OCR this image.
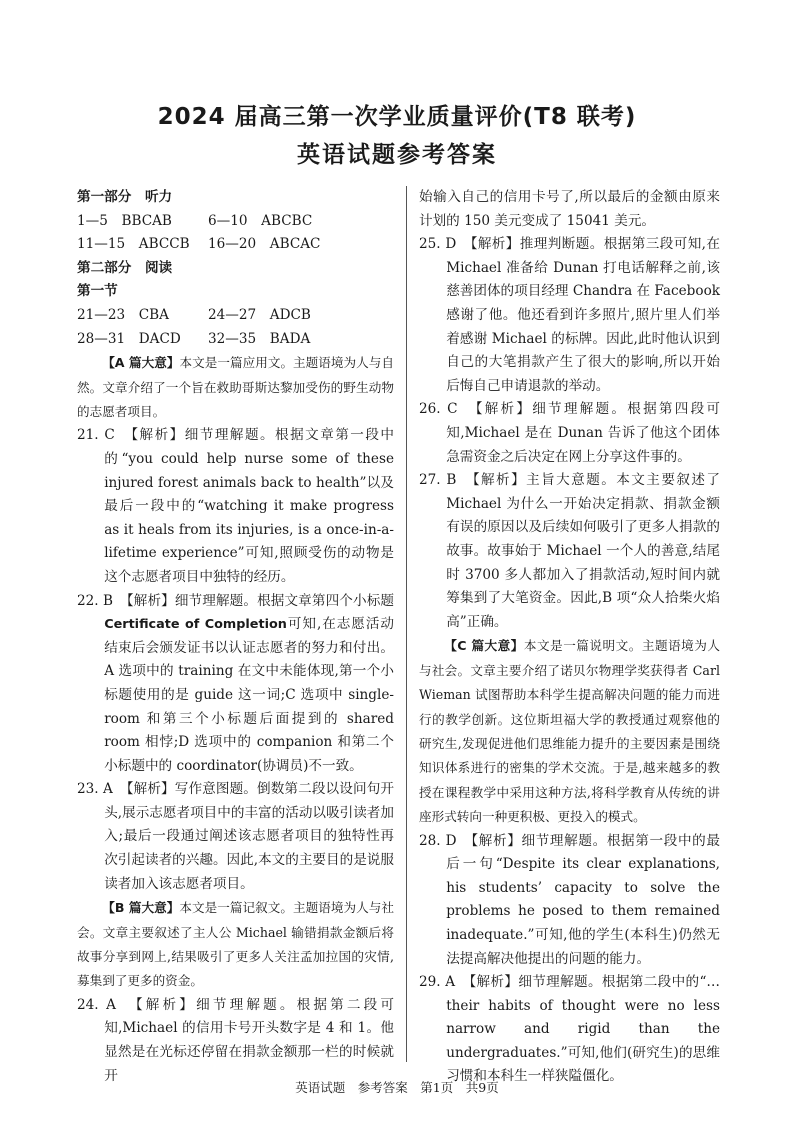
2024 届高三第一次学业质量评价(T8 联考)
英语试题参考答案

第一部分　听力

1—5　BBCAB	6—10　ABCBC
11—15　ABCCB	16—20　ABCAC

第二部分　阅读

第一节

21—23　CBA	24—27　ADCB
28—31　DACD	32—35　BADA

【A 篇大意】本文是一篇应用文。主题语境为人与自然。文章介绍了一个旨在救助哥斯达黎加受伤的野生动物的志愿者项目。

21. C　【解析】细节理解题。根据文章第一段中的“you could help nurse some of these injured forest animals back to health”以及最后一段中的“watching it make progress as it heals from its injuries, is a once-in-a-lifetime experience”可知,照顾受伤的动物是这个志愿者项目中独特的经历。

22. B　【解析】细节理解题。根据文章第四个小标题Certificate of Completion可知,在志愿活动结束后会颁发证书以认证志愿者的努力和付出。A 选项中的 training 在文中未能体现,第一个小标题使用的是 guide 这一词;C 选项中 single-room 和第三个小标题后面提到的 shared room 相悖;D 选项中的 companion 和第二个小标题中的 coordinator(协调员)不一致。

23. A　【解析】写作意图题。倒数第二段以设问句开头,展示志愿者项目中的丰富的活动以吸引读者加入;最后一段通过阐述该志愿者项目的独特性再次引起读者的兴趣。因此,本文的主要目的是说服读者加入该志愿者项目。

【B 篇大意】本文是一篇记叙文。主题语境为人与社会。文章主要叙述了主人公 Michael 输错捐款金额后将故事分享到网上,结果吸引了更多人关注孟加拉国的灾情,募集到了更多的资金。

24. A　【解析】细节理解题。根据第二段可知,Michael 的信用卡号开头数字是 4 和 1。他显然是在光标还停留在捐款金额那一栏的时候就开

始输入自己的信用卡号了,所以最后的金额由原来计划的 150 美元变成了 15041 美元。

25. D　【解析】推理判断题。根据第三段可知,在 Michael 准备给 Dunan 打电话解释之前,该慈善团体的项目经理 Chandra 在 Facebook 感谢了他。他还看到许多照片,照片里人们举着感谢 Michael 的标牌。因此,此时他认识到自己的大笔捐款产生了很大的影响,所以开始后悔自己申请退款的举动。

26. C　【解析】细节理解题。根据第四段可知,Michael 是在 Dunan 告诉了他这个团体急需资金之后决定在网上分享这件事的。

27. B　【解析】主旨大意题。本文主要叙述了 Michael 为什么一开始决定捐款、捐款金额有误的原因以及后续如何吸引了更多人捐款的故事。故事始于 Michael 一个人的善意,结尾时 3700 多人都加入了捐款活动,短时间内就筹集到了大笔资金。因此,B 项“众人拾柴火焰高”正确。

【C 篇大意】本文是一篇说明文。主题语境为人与社会。文章主要介绍了诺贝尔物理学奖获得者 Carl Wieman 试图帮助本科学生提高解决问题的能力而进行的教学创新。这位斯坦福大学的教授通过观察他的研究生,发现促进他们思维能力提升的主要因素是围绕知识体系进行的密集的学术交流。于是,越来越多的教授在课程教学中采用这种方法,将科学教育从传统的讲座形式转向一种更积极、更投入的模式。

28. D　【解析】细节理解题。根据第一段中的最后一句“Despite its clear explanations, his students’ capacity to solve the problems he posed to them remained inadequate.”可知,他的学生(本科生)仍然无法提高解决他提出的问题的能力。

29. A　【解析】细节理解题。根据第二段中的“… their habits of thought were no less narrow and rigid than the undergraduates.”可知,他们(研究生)的思维习惯和本科生一样狭隘僵化。

英语试题　参考答案　第1页　共9页
